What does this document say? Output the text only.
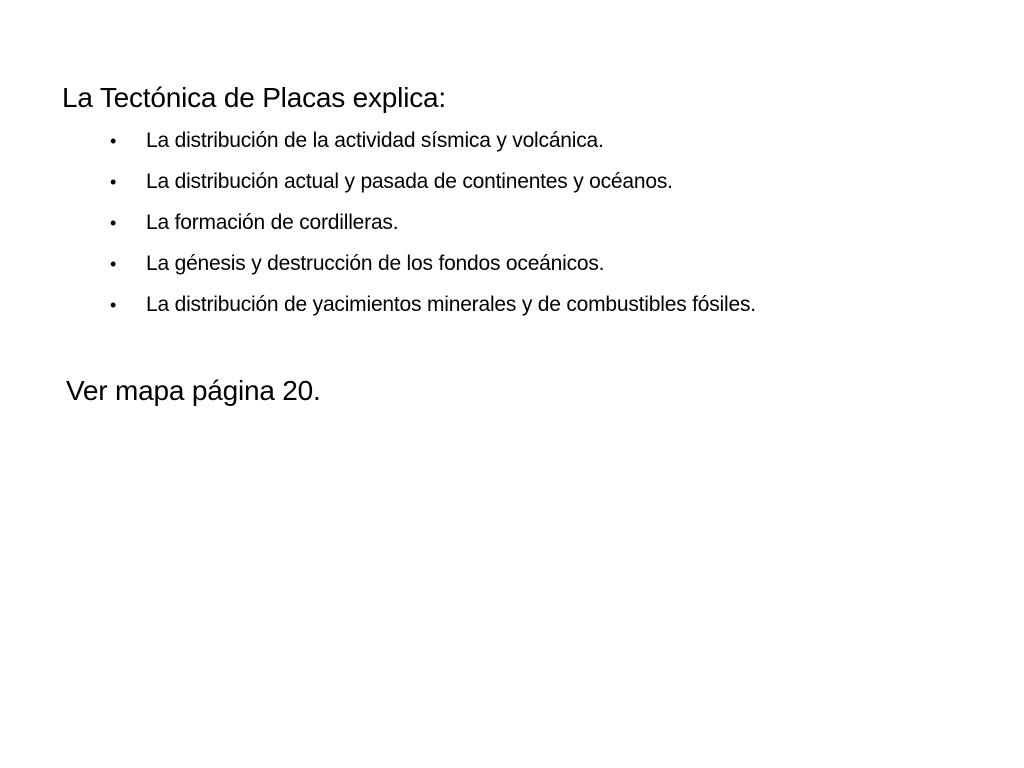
La Tectónica de Placas explica:
•	La distribución de la actividad sísmica y volcánica.
•	La distribución actual y pasada de continentes y océanos.
•	La formación de cordilleras.
•	La génesis y destrucción de los fondos oceánicos.
•	La distribución de yacimientos minerales y de combustibles fósiles.
Ver mapa página 20.
